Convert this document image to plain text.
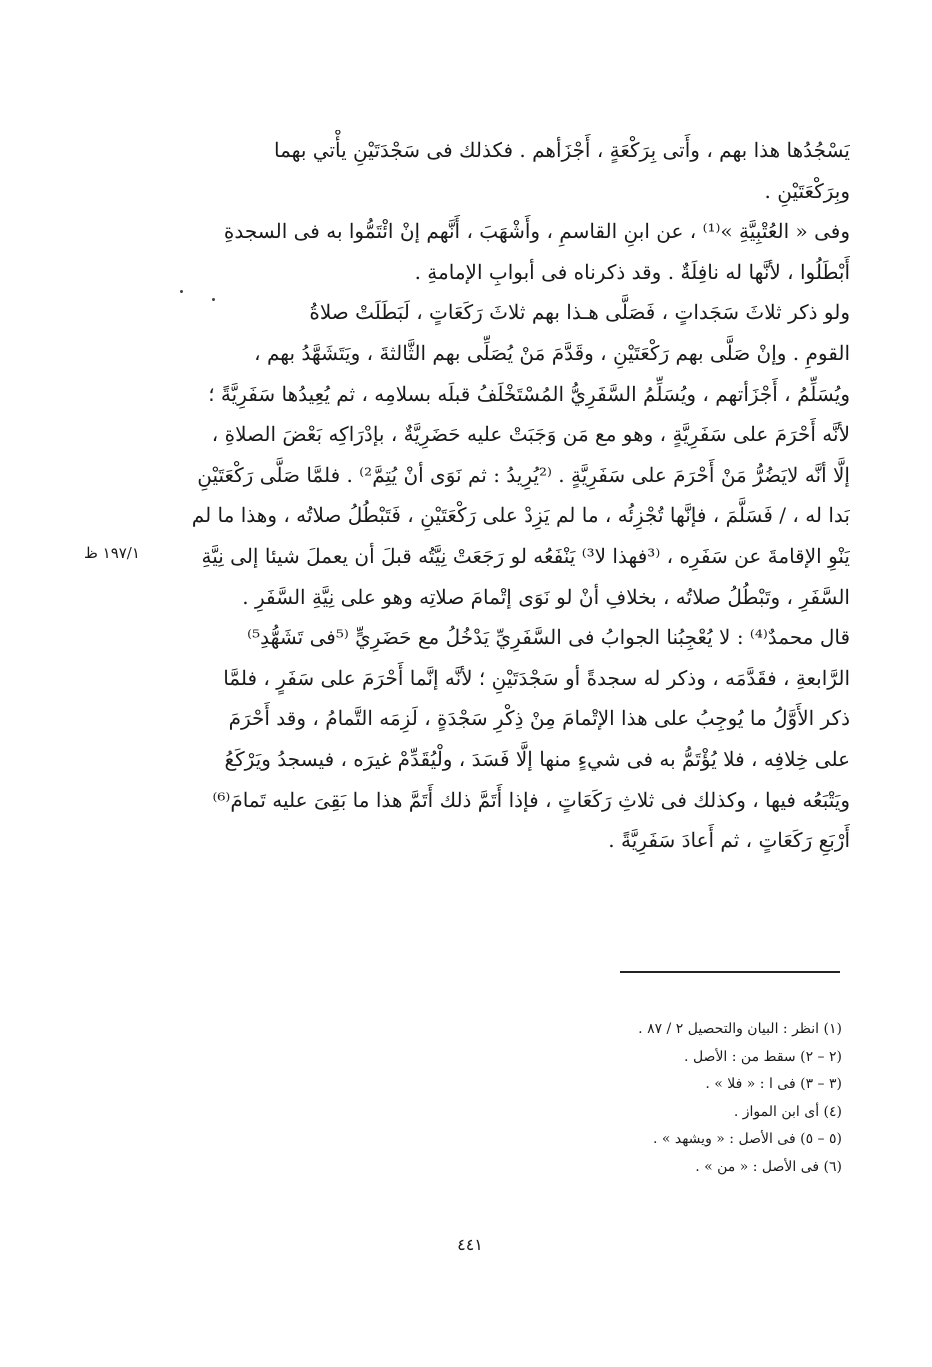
يَسْجُدُها هذا بهم ، وأَتى بِرَكْعَةٍ ، أَجْزَأهم . فكذلك فى سَجْدَتَيْنِ يأْتي بهما
وبِرَكْعَتَيْنِ .
وفى « العُتْبِيَّةِ »⁽¹⁾ ، عن ابنِ القاسمِ ، وأَشْهَبَ ، أَنَّهم إنْ ائْتَمُّوا به فى السجدةِ
أَبْطَلُوا ، لأنَّها له نافِلَةٌ . وقد ذكرناه فى أبوابِ الإمامةِ .
ولو ذكر ثلاثَ سَجَداتٍ ، فَصَلَّى هـذا بهم ثلاثَ رَكَعَاتٍ ، لَبَطَلَتْ صلاةُ
القومِ . وإنْ صَلَّى بهم رَكْعَتَيْنِ ، وقَدَّمَ مَنْ يُصَلِّى بهم الثَّالثةَ ، ويَتَشَهَّدُ بهم ،
ويُسَلِّمُ ، أَجْزَأتهم ، ويُسَلِّمُ السَّفَرِيُّ المُسْتَخْلَفُ قبلَه بسلامِه ، ثم يُعِيدُها سَفَرِيَّةً ؛
لأنَّه أَحْرَمَ على سَفَرِيَّةٍ ، وهو مع مَن وَجَبَتْ عليه حَضَرِيَّةٌ ، بإدْرَاكِه بَعْضَ الصلاةِ ،
إلَّا أنَّه لايَضُرُّ مَنْ أَحْرَمَ على سَفَرِيَّةٍ . ⁽²يُرِيدُ : ثم نَوَى أنْ يُتِمَّ²⁾ . فلمَّا صَلَّى رَكْعَتَيْنِ
بَدا له ، / فَسَلَّمَ ، فإنَّها تُجْزِئُه ، ما لم يَزِدْ على رَكْعَتَيْنِ ، فَتَبْطُلُ صلاتُه ، وهذا ما لم
يَنْوِ الإقامةَ عن سَفَرِه ، ⁽³فهذا لا³⁾ يَنْفَعُه لو رَجَعَتْ نِيَّتُه قبلَ أن يعملَ شيئا إلى نِيَّةِ
السَّفَرِ ، وتَبْطُلُ صلاتُه ، بخلافِ أنْ لو نَوَى إتْمامَ صلاتِه وهو على نِيَّةِ السَّفَرِ .
قال محمدٌ⁽⁴⁾ : لا يُعْجِبُنا الجوابُ فى السَّفَرِيِّ يَدْخُلُ مع حَضَرِيٍّ ⁽⁵فى تَشَهُّدِ⁵⁾
الرَّابعةِ ، فقَدَّمَه ، وذكر له سجدةً أو سَجْدَتَيْنِ ؛ لأنَّه إنَّما أَحْرَمَ على سَفَرٍ ، فلمَّا
ذكر الأَوَّلُ ما يُوجِبُ على هذا الإتْمامَ مِنْ ذِكْرِ سَجْدَةٍ ، لَزِمَه التَّمامُ ، وقد أَحْرَمَ
على خِلافِه ، فلا يُؤْتَمُّ به فى شيءٍ منها إلَّا فَسَدَ ، ولْيُقَدِّمْ غيرَه ، فيسجدُ ويَرْكَعُ
ويَتْبَعُه فيها ، وكذلك فى ثلاثِ رَكَعَاتٍ ، فإذا أَتَمَّ ذلك أَتَمَّ هذا ما بَقِىَ عليه تَمامَ⁽⁶⁾
أَرْبَعِ رَكَعَاتٍ ، ثم أَعادَ سَفَرِيَّةً .
١٩٧/١ ظ
(١) انظر : البيان والتحصيل ٢ / ٨٧ .
(٢ – ٢) سقط من : الأصل .
(٣ – ٣) فى ا : « فلا » .
(٤) أى ابن المواز .
(٥ – ٥) فى الأصل : « ويشهد » .
(٦) فى الأصل : « من » .
٤٤١
